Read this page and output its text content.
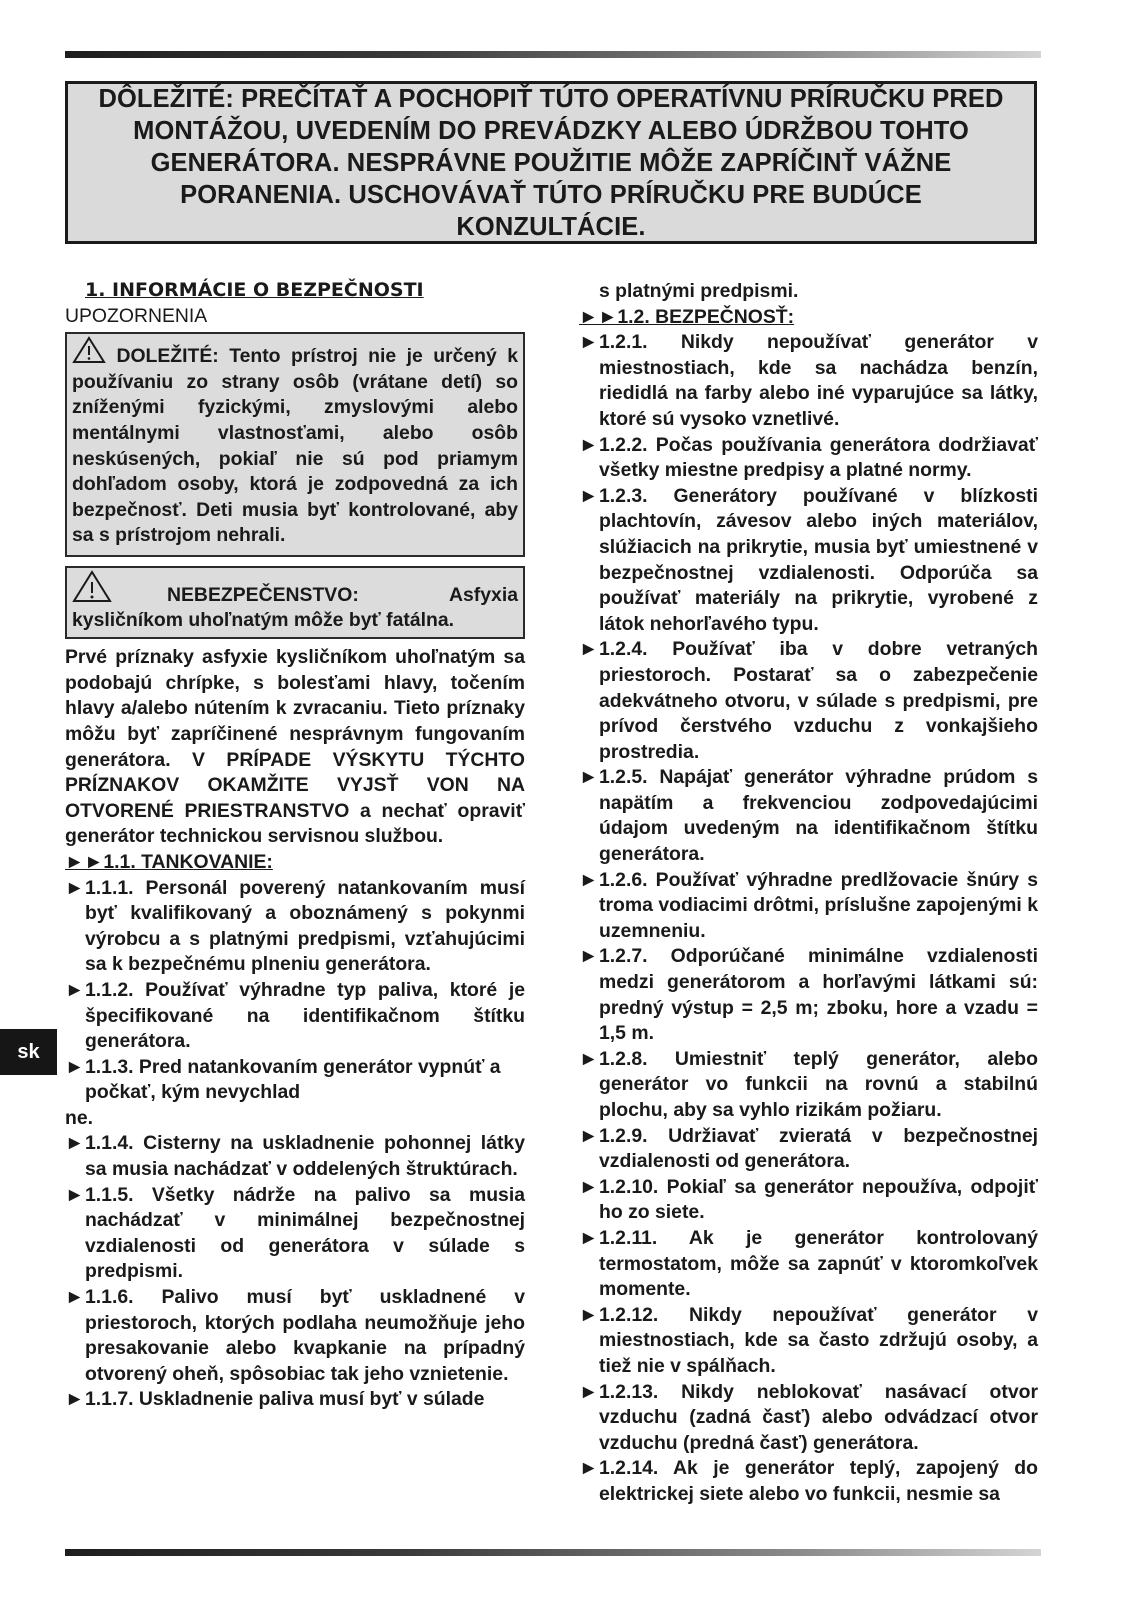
DÔLEŽITÉ: PREČÍTAŤ A POCHOPIŤ TÚTO OPERATÍVNU PRÍRUČKU PRED MONTÁŽOU, UVEDENÍM DO PREVÁDZKY ALEBO ÚDRŽBOU TOHTO GENERÁTORA. NESPRÁVNE POUŽITIE MÔŽE ZAPRÍČINŤ VÁŽNE PORANENIA. USCHOVÁVAŤ TÚTO PRÍRUČKU PRE BUDÚCE KONZULTÁCIE.

1. INFORMÁCIE O BEZPEČNOSTI

UPOZORNENIA

DOLEŽITÉ: Tento prístroj nie je určený k používaniu zo strany osôb (vrátane detí) so zníženými fyzickými, zmyslovými alebo mentálnymi vlastnosťami, alebo osôb neskúsených, pokiaľ nie sú pod priamym dohľadom osoby, ktorá je zodpovedná za ich bezpečnosť. Deti musia byť kontrolované, aby sa s prístrojom nehrali.
NEBEZPEČENSTVO:	Asfyxia
kysličníkom uhoľnatým môže byť fatálna.

Prvé príznaky asfyxie kysličníkom uhoľnatým sa podobajú chrípke, s bolesťami hlavy, točením hlavy a/alebo nútením k zvracaniu. Tieto príznaky môžu byť zapríčinené nesprávnym fungovaním generátora. V PRÍPADE VÝSKYTU TÝCHTO PRÍZNAKOV OKAMŽITE VYJSŤ VON NA OTVORENÉ PRIESTRANSTVO a nechať opraviť generátor technickou servisnou službou.

►►1.1. TANKOVANIE:

► 1.1.1. Personál poverený natankovaním musí byť kvalifikovaný a oboznámený s pokynmi výrobcu a s platnými predpismi, vzťahujúcimi sa k bezpečnému plneniu generátora.
► 1.1.2. Používať výhradne typ paliva, ktoré je špecifikované na identifikačnom štítku generátora.
► 1.1.3. Pred natankovaním generátor vypnúť a počkať, kým nevychlad

ne.

► 1.1.4. Cisterny na uskladnenie pohonnej látky sa musia nachádzať v oddelených štruktúrach.
► 1.1.5. Všetky nádrže na palivo sa musia nachádzať v minimálnej bezpečnostnej vzdialenosti od generátora v súlade s predpismi.
► 1.1.6. Palivo musí byť uskladnené v priestoroch, ktorých podlaha neumožňuje jeho presakovanie alebo kvapkanie na prípadný otvorený oheň, spôsobiac tak jeho vznietenie.
► 1.1.7. Uskladnenie paliva musí byť v súlade

s platnými predpismi.

►►1.2. BEZPEČNOSŤ:

► 1.2.1. Nikdy nepoužívať generátor v miestnostiach, kde sa nachádza benzín, riedidlá na farby alebo iné vyparujúce sa látky, ktoré sú vysoko vznetlivé.
► 1.2.2. Počas používania generátora dodržiavať všetky miestne predpisy a platné normy.
► 1.2.3. Generátory používané v blízkosti plachtovín, závesov alebo iných materiálov, slúžiacich na prikrytie, musia byť umiestnené v bezpečnostnej vzdialenosti. Odporúča sa používať materiály na prikrytie, vyrobené z látok nehorľavého typu.
► 1.2.4. Používať iba v dobre vetraných priestoroch. Postarať sa o zabezpečenie adekvátneho otvoru, v súlade s predpismi, pre prívod čerstvého vzduchu z vonkajšieho prostredia.
► 1.2.5. Napájať generátor výhradne prúdom s napätím a frekvenciou zodpovedajúcimi údajom uvedeným na identifikačnom štítku generátora.
► 1.2.6. Používať výhradne predlžovacie šnúry s troma vodiacimi drôtmi, príslušne zapojenými k uzemneniu.
► 1.2.7. Odporúčané minimálne vzdialenosti medzi generátorom a horľavými látkami sú: predný výstup = 2,5 m; zboku, hore a vzadu = 1,5 m.
► 1.2.8. Umiestniť teplý generátor, alebo generátor vo funkcii na rovnú a stabilnú plochu, aby sa vyhlo rizikám požiaru.
► 1.2.9. Udržiavať zvieratá v bezpečnostnej vzdialenosti od generátora.
► 1.2.10. Pokiaľ sa generátor nepoužíva, odpojiť ho zo siete.
► 1.2.11. Ak je generátor kontrolovaný termostatom, môže sa zapnúť v ktoromkoľvek momente.
► 1.2.12. Nikdy nepoužívať generátor v miestnostiach, kde sa často zdržujú osoby, a tiež nie v spálňach.
► 1.2.13. Nikdy neblokovať nasávací otvor vzduchu (zadná časť) alebo odvádzací otvor vzduchu (predná časť) generátora.
► 1.2.14. Ak je generátor teplý, zapojený do elektrickej siete alebo vo funkcii, nesmie sa
sk
